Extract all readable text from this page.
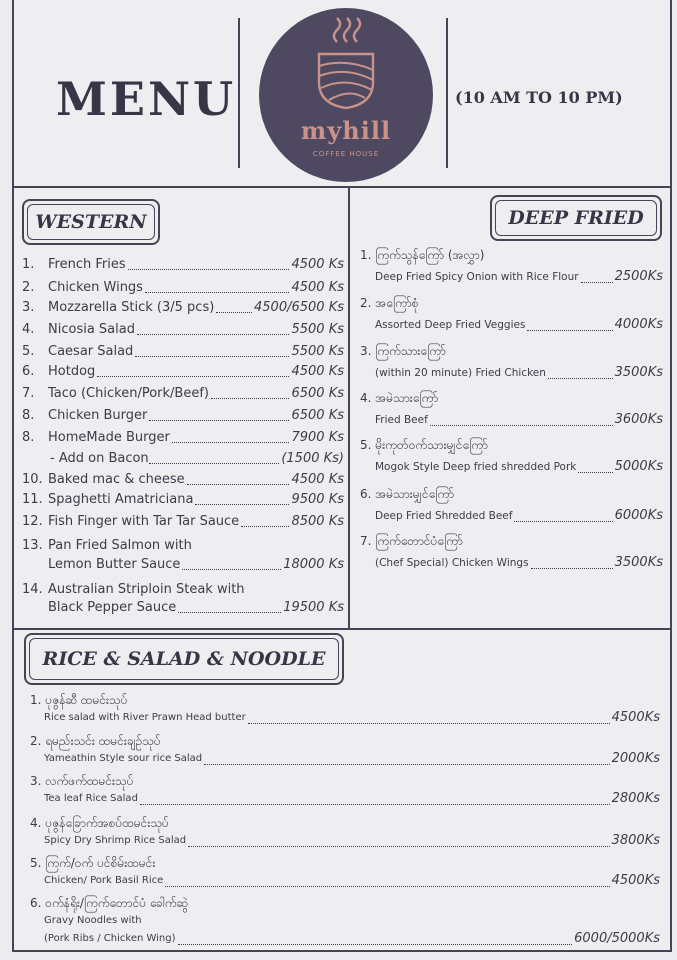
MENU	(10 AM TO 10 PM)
myhill
COFFEE HOUSE
WESTERN	DEEP FRIED
RICE & SALAD & NOODLE
1. French Fries	4500 Ks
2. Chicken Wings	4500 Ks
3. Mozzarella Stick (3/5 pcs)	4500/6500 Ks
4. Nicosia Salad	5500 Ks
5. Caesar Salad	5500 Ks
6. Hotdog	4500 Ks
7. Taco (Chicken/Pork/Beef)	6500 Ks
8. Chicken Burger	6500 Ks
8. HomeMade Burger	7900 Ks
- Add on Bacon	(1500 Ks)
10. Baked mac & cheese	4500 Ks
11. Spaghetti Amatriciana	9500 Ks
12. Fish Finger with Tar Tar Sauce	8500 Ks
13. Pan Fried Salmon with
Lemon Butter Sauce	18000 Ks
14. Australian Striploin Steak with
Black Pepper Sauce	19500 Ks
1. ကြက်သွန်ကြော် (အလွှာ)
Deep Fried Spicy Onion with Rice Flour	2500Ks
2. အကြော်စုံ
Assorted Deep Fried Veggies	4000Ks
3. ကြက်သားကြော်
(within 20 minute) Fried Chicken	3500Ks
4. အမဲသားကြော်
Fried Beef	3600Ks
5. မိုးကုတ်ဝက်သားမျှင်ကြော်
Mogok Style Deep fried shredded Pork	5000Ks
6. အမဲသားမျှင်ကြော်
Deep Fried Shredded Beef	6000Ks
7. ကြက်တောင်ပံကြော်
(Chef Special) Chicken Wings	3500Ks
1. ပုဇွန်ဆီ ထမင်းသုပ်
Rice salad with River Prawn Head butter	4500Ks
2. ရမည်းသင်း ထမင်းချဉ်သုပ်
Yameathin Style sour rice Salad	2000Ks
3. လက်ဖက်ထမင်းသုပ်
Tea leaf Rice Salad	2800Ks
4. ပုဇွန်ခြောက်အစပ်ထမင်းသုပ်
Spicy Dry Shrimp Rice Salad	3800Ks
5. ကြက်/ဝက် ပင်စိမ်းထမင်း
Chicken/ Pork Basil Rice	4500Ks
6. ဝက်နံရိုး/ကြက်တောင်ပံ ခေါက်ဆွဲ
Gravy Noodles with
(Pork Ribs / Chicken Wing)	6000/5000Ks
